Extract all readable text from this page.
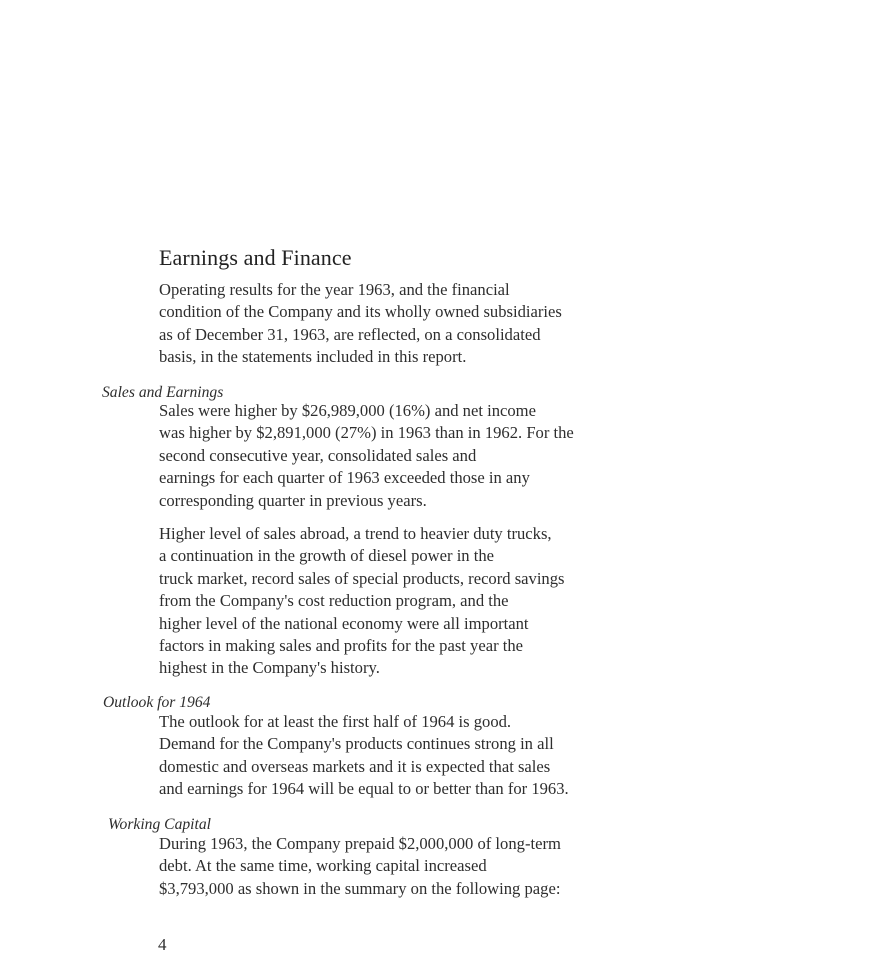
Earnings and Finance
Operating results for the year 1963, and the financial
condition of the Company and its wholly owned subsidiaries
as of December 31, 1963, are reflected, on a consolidated
basis, in the statements included in this report.
Sales and Earnings
Sales were higher by $26,989,000 (16%) and net income
was higher by $2,891,000 (27%) in 1963 than in 1962. For the
second consecutive year, consolidated sales and
earnings for each quarter of 1963 exceeded those in any
corresponding quarter in previous years.
Higher level of sales abroad, a trend to heavier duty trucks,
a continuation in the growth of diesel power in the
truck market, record sales of special products, record savings
from the Company's cost reduction program, and the
higher level of the national economy were all important
factors in making sales and profits for the past year the
highest in the Company's history.
Outlook for 1964
The outlook for at least the first half of 1964 is good.
Demand for the Company's products continues strong in all
domestic and overseas markets and it is expected that sales
and earnings for 1964 will be equal to or better than for 1963.
Working Capital
During 1963, the Company prepaid $2,000,000 of long-term
debt. At the same time, working capital increased
$3,793,000 as shown in the summary on the following page:
4
